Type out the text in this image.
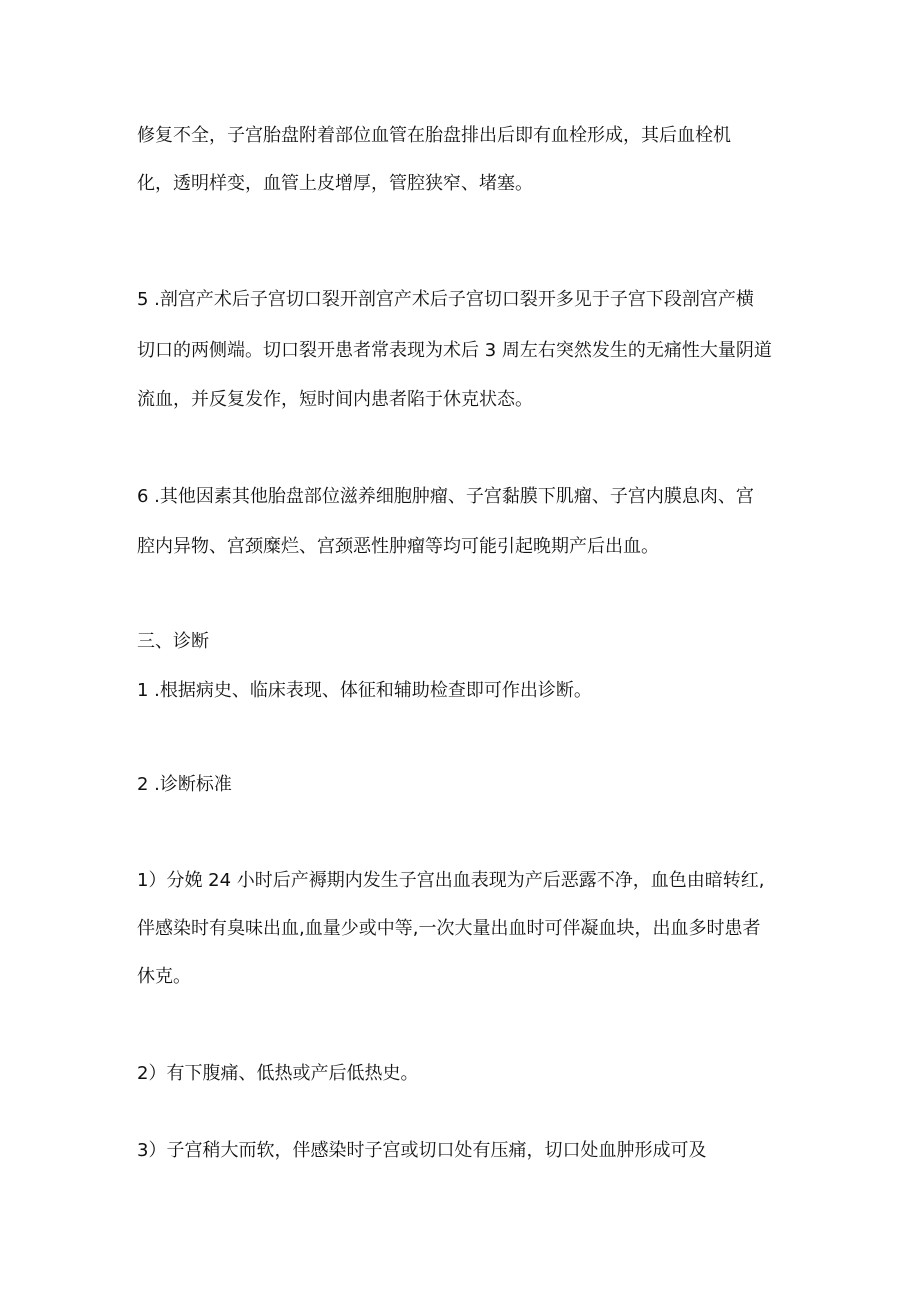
修复不全，子宫胎盘附着部位血管在胎盘排出后即有血栓形成，其后血栓机

化，透明样变，血管上皮增厚，管腔狭窄、堵塞。

5 .剖宫产术后子宫切口裂开剖宫产术后子宫切口裂开多见于子宫下段剖宫产横

切口的两侧端。切口裂开患者常表现为术后 3 周左右突然发生的无痛性大量阴道

流血，并反复发作，短时间内患者陷于休克状态。

6 .其他因素其他胎盘部位滋养细胞肿瘤、子宫黏膜下肌瘤、子宫内膜息肉、宫

腔内异物、宫颈糜烂、宫颈恶性肿瘤等均可能引起晚期产后出血。

三、诊断

1 .根据病史、临床表现、体征和辅助检查即可作出诊断。

2 .诊断标准

1）分娩 24 小时后产褥期内发生子宫出血表现为产后恶露不净，血色由暗转红,

伴感染时有臭味出血,血量少或中等,一次大量出血时可伴凝血块，出血多时患者

休克。

2）有下腹痛、低热或产后低热史。

3）子宫稍大而软，伴感染时子宫或切口处有压痛，切口处血肿形成可及
